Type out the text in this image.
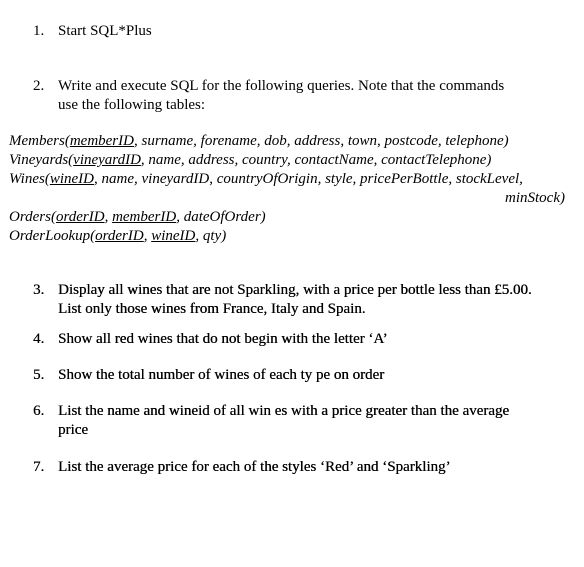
1. Start SQL*Plus
2. Write and execute SQL for the following queries. Note that the commands
use the following tables:
Members(memberID, surname, forename, dob, address, town, postcode, telephone)
Vineyards(vineyardID, name, address, country, contactName, contactTelephone)
Wines(wineID, name, vineyardID, countryOfOrigin, style, pricePerBottle, stockLevel,
minStock)
Orders(orderID, memberID, dateOfOrder)
OrderLookup(orderID, wineID, qty)
3. Display all wines that are not Sparkling, with a price per bottle less than £5.00.
List only those wines from France, Italy and Spain.
4. Show all red wines that do not begin with the letter ‘A’
5. Show the total number of wines of each ty pe on order
6. List the name and wineid of all win es with a price greater than the average
price
7. List the average price for each of the styles ‘Red’ and ‘Sparkling’
